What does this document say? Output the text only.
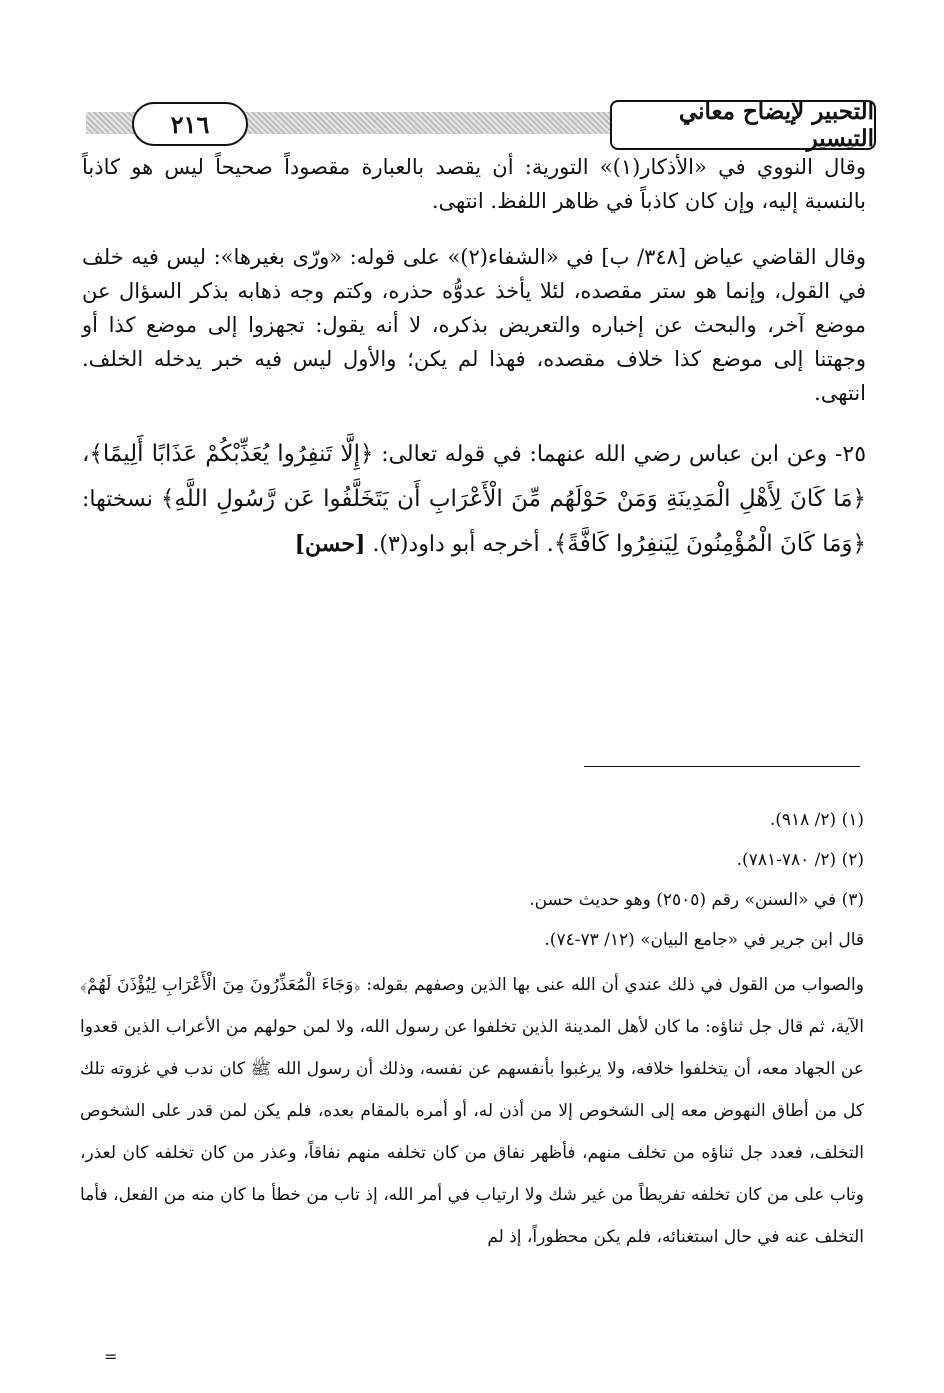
التحبير لإيضاح معاني التيسير
٢١٦

وقال النووي في «الأذكار(١)» التورية: أن يقصد بالعبارة مقصوداً صحيحاً ليس هو كاذباً بالنسبة إليه، وإن كان كاذباً في ظاهر اللفظ. انتهى.

وقال القاضي عياض [٣٤٨/ ب] في «الشفاء(٢)» على قوله: «ورّى بغيرها»: ليس فيه خلف في القول، وإنما هو ستر مقصده، لئلا يأخذ عدوُّه حذره، وكتم وجه ذهابه بذكر السؤال عن موضع آخر، والبحث عن إخباره والتعريض بذكره، لا أنه يقول: تجهزوا إلى موضع كذا أو وجهتنا إلى موضع كذا خلاف مقصده، فهذا لم يكن؛ والأول ليس فيه خبر يدخله الخلف. انتهى.

٢٥- وعن ابن عباس رضي الله عنهما: في قوله تعالى: ﴿إِلَّا تَنفِرُوا يُعَذِّبْكُمْ عَذَابًا أَلِيمًا﴾، ﴿مَا كَانَ لِأَهْلِ الْمَدِينَةِ وَمَنْ حَوْلَهُم مِّنَ الْأَعْرَابِ أَن يَتَخَلَّفُوا عَن رَّسُولِ اللَّهِ﴾ نسختها: ﴿وَمَا كَانَ الْمُؤْمِنُونَ لِيَنفِرُوا كَافَّةً﴾. أخرجه أبو داود(٣). [حسن]

(١) (٢/ ٩١٨).

(٢) (٢/ ٧٨٠-٧٨١).

(٣) في «السنن» رقم (٢٥٠٥) وهو حديث حسن.

قال ابن جرير في «جامع البيان» (١٢/ ٧٣-٧٤).

والصواب من القول في ذلك عندي أن الله عنى بها الذين وصفهم بقوله: ﴿وَجَاءَ الْمُعَذِّرُونَ مِنَ الْأَعْرَابِ لِيُؤْذَنَ لَهُمْ﴾ الآية، ثم قال جل ثناؤه: ما كان لأهل المدينة الذين تخلفوا عن رسول الله، ولا لمن حولهم من الأعراب الذين قعدوا عن الجهاد معه، أن يتخلفوا خلافه، ولا يرغبوا بأنفسهم عن نفسه، وذلك أن رسول الله ﷺ كان ندب في غزوته تلك كل من أطاق النهوض معه إلى الشخوص إلا من أذن له، أو أمره بالمقام بعده، فلم يكن لمن قدر على الشخوص التخلف، فعدد جل ثناؤه من تخلف منهم، فأظهر نفاق من كان تخلفه منهم نفاقاً، وعذر من كان تخلفه كان لعذر، وتاب على من كان تخلفه تفريطاً من غير شك ولا ارتياب في أمر الله، إذ تاب من خطأ ما كان منه من الفعل، فأما التخلف عنه في حال استغنائه، فلم يكن محظوراً، إذ لم

=
